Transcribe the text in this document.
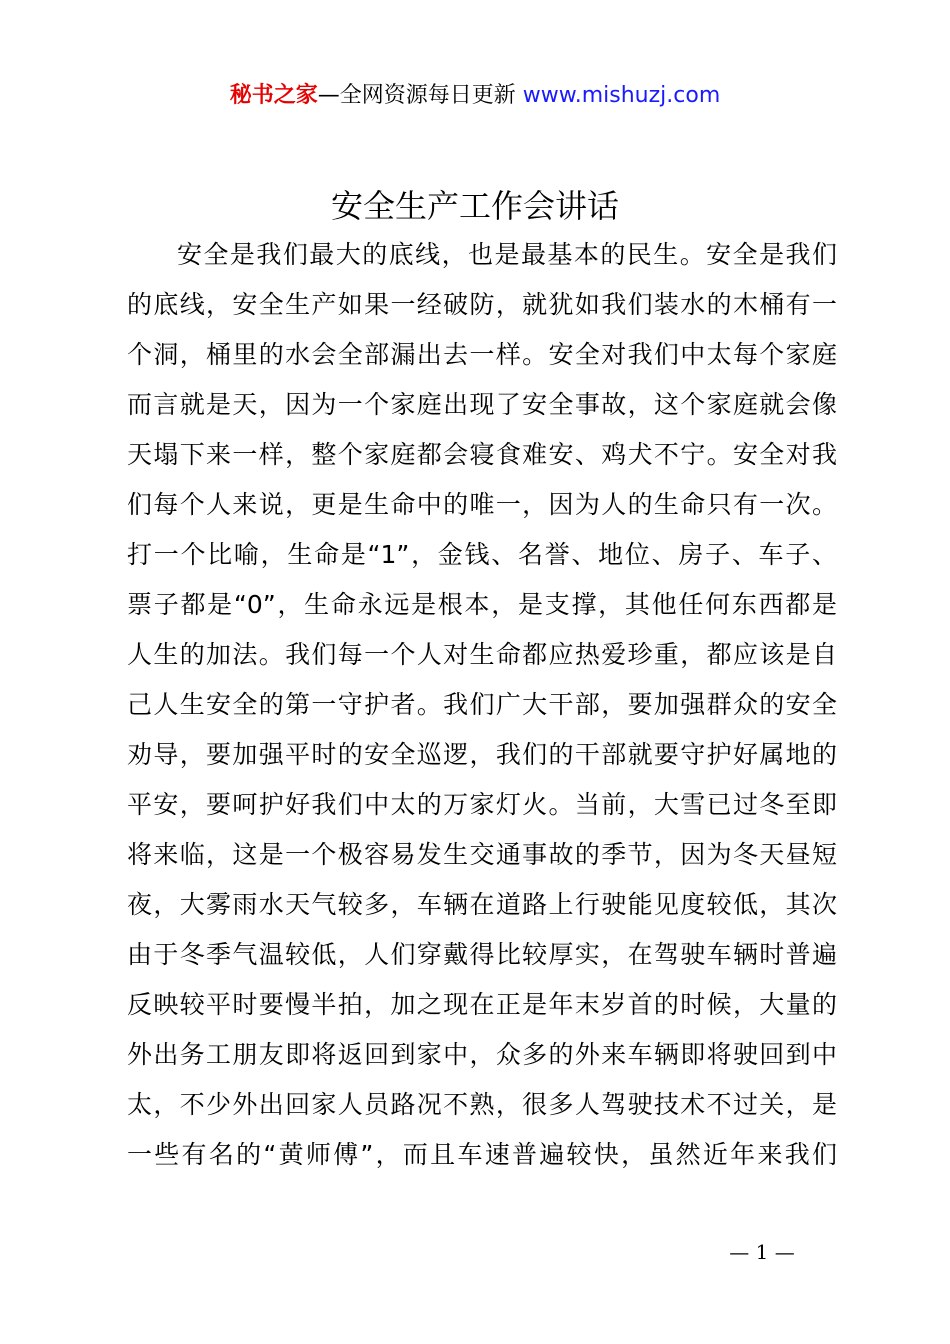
秘书之家—全网资源每日更新 www.mishuzj.com
安全生产工作会讲话
安全是我们最大的底线，也是最基本的民生。安全是我们
的底线，安全生产如果一经破防，就犹如我们装水的木桶有一
个洞，桶里的水会全部漏出去一样。安全对我们中太每个家庭
而言就是天，因为一个家庭出现了安全事故，这个家庭就会像
天塌下来一样，整个家庭都会寝食难安、鸡犬不宁。安全对我
们每个人来说，更是生命中的唯一，因为人的生命只有一次。
打一个比喻，生命是“1”，金钱、名誉、地位、房子、车子、
票子都是“0”，生命永远是根本，是支撑，其他任何东西都是
人生的加法。我们每一个人对生命都应热爱珍重，都应该是自
己人生安全的第一守护者。我们广大干部，要加强群众的安全
劝导，要加强平时的安全巡逻，我们的干部就要守护好属地的
平安，要呵护好我们中太的万家灯火。当前，大雪已过冬至即
将来临，这是一个极容易发生交通事故的季节，因为冬天昼短
夜，大雾雨水天气较多，车辆在道路上行驶能见度较低，其次
由于冬季气温较低，人们穿戴得比较厚实，在驾驶车辆时普遍
反映较平时要慢半拍，加之现在正是年末岁首的时候，大量的
外出务工朋友即将返回到家中，众多的外来车辆即将驶回到中
太，不少外出回家人员路况不熟，很多人驾驶技术不过关，是
一些有名的“黄师傅”，而且车速普遍较快，虽然近年来我们
— 1 —
